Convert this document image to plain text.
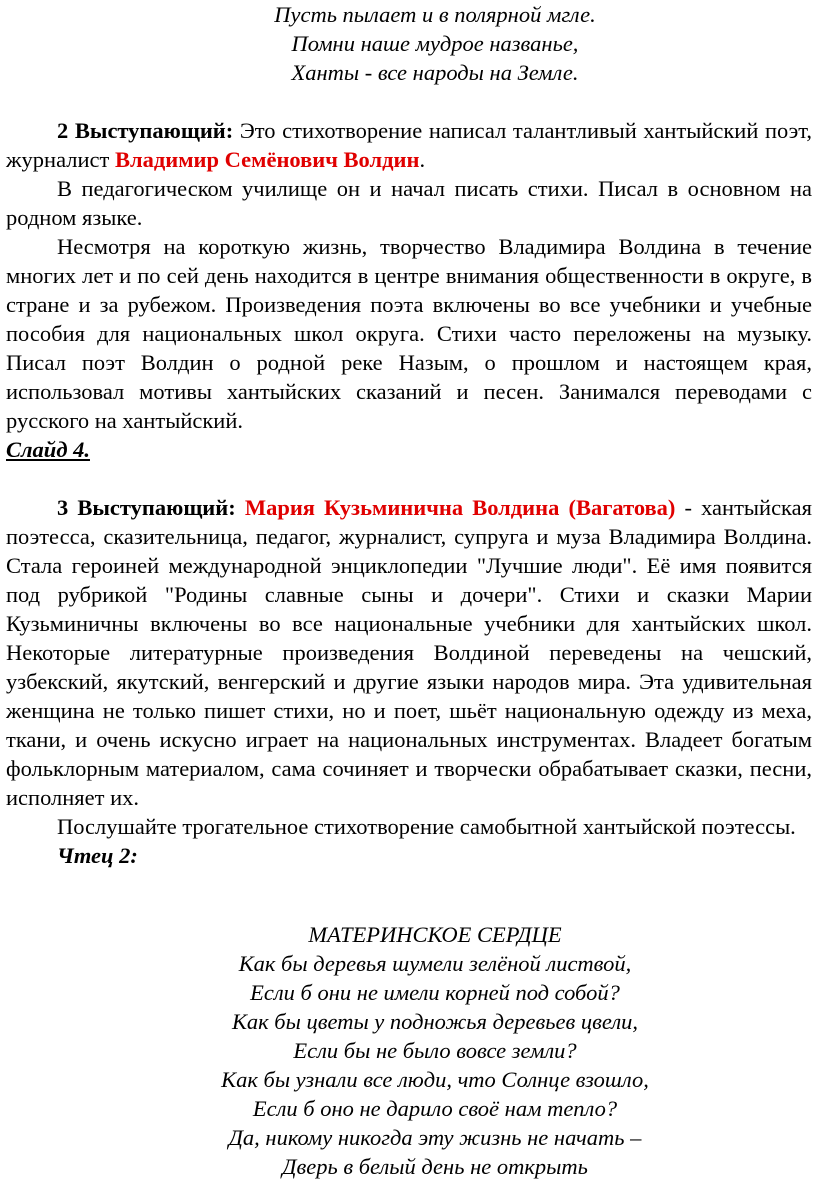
Пусть пылает и в полярной мгле.
Помни наше мудрое названье,
Ханты - все народы на Земле.

2 Выступающий: Это стихотворение написал талантливый хантыйский поэт, журналист Владимир Семёнович Волдин.

В педагогическом училище он и начал писать стихи. Писал в основном на родном языке.

Несмотря на короткую жизнь, творчество Владимира Волдина в течение многих лет и по сей день находится в центре внимания общественности в округе, в стране и за рубежом. Произведения поэта включены во все учебники и учебные пособия для национальных школ округа. Стихи часто переложены на музыку. Писал поэт Волдин о родной реке Назым, о прошлом и настоящем края, использовал мотивы хантыйских сказаний и песен. Занимался переводами с русского на хантыйский.

Слайд 4.

3 Выступающий: Мария Кузьминична Волдина (Вагатова) - хантыйская поэтесса, сказительница, педагог, журналист, супруга и муза Владимира Волдина. Стала героиней международной энциклопедии "Лучшие люди". Её имя появится под рубрикой "Родины славные сыны и дочери". Стихи и сказки Марии Кузьминичны включены во все национальные учебники для хантыйских школ. Некоторые литературные произведения Волдиной переведены на чешский, узбекский, якутский, венгерский и другие языки народов мира. Эта удивительная женщина не только пишет стихи, но и поет, шьёт национальную одежду из меха, ткани, и очень искусно играет на национальных инструментах. Владеет богатым фольклорным материалом, сама сочиняет и творчески обрабатывает сказки, песни, исполняет их.

Послушайте трогательное стихотворение самобытной хантыйской поэтессы.

Чтец 2:

МАТЕРИНСКОЕ СЕРДЦЕ
Как бы деревья шумели зелёной листвой,
Если б они не имели корней под собой?
Как бы цветы у подножья деревьев цвели,
Если бы не было вовсе земли?
Как бы узнали все люди, что Солнце взошло,
Если б оно не дарило своё нам тепло?
Да, никому никогда эту жизнь не начать –
Дверь в белый день не открыть
